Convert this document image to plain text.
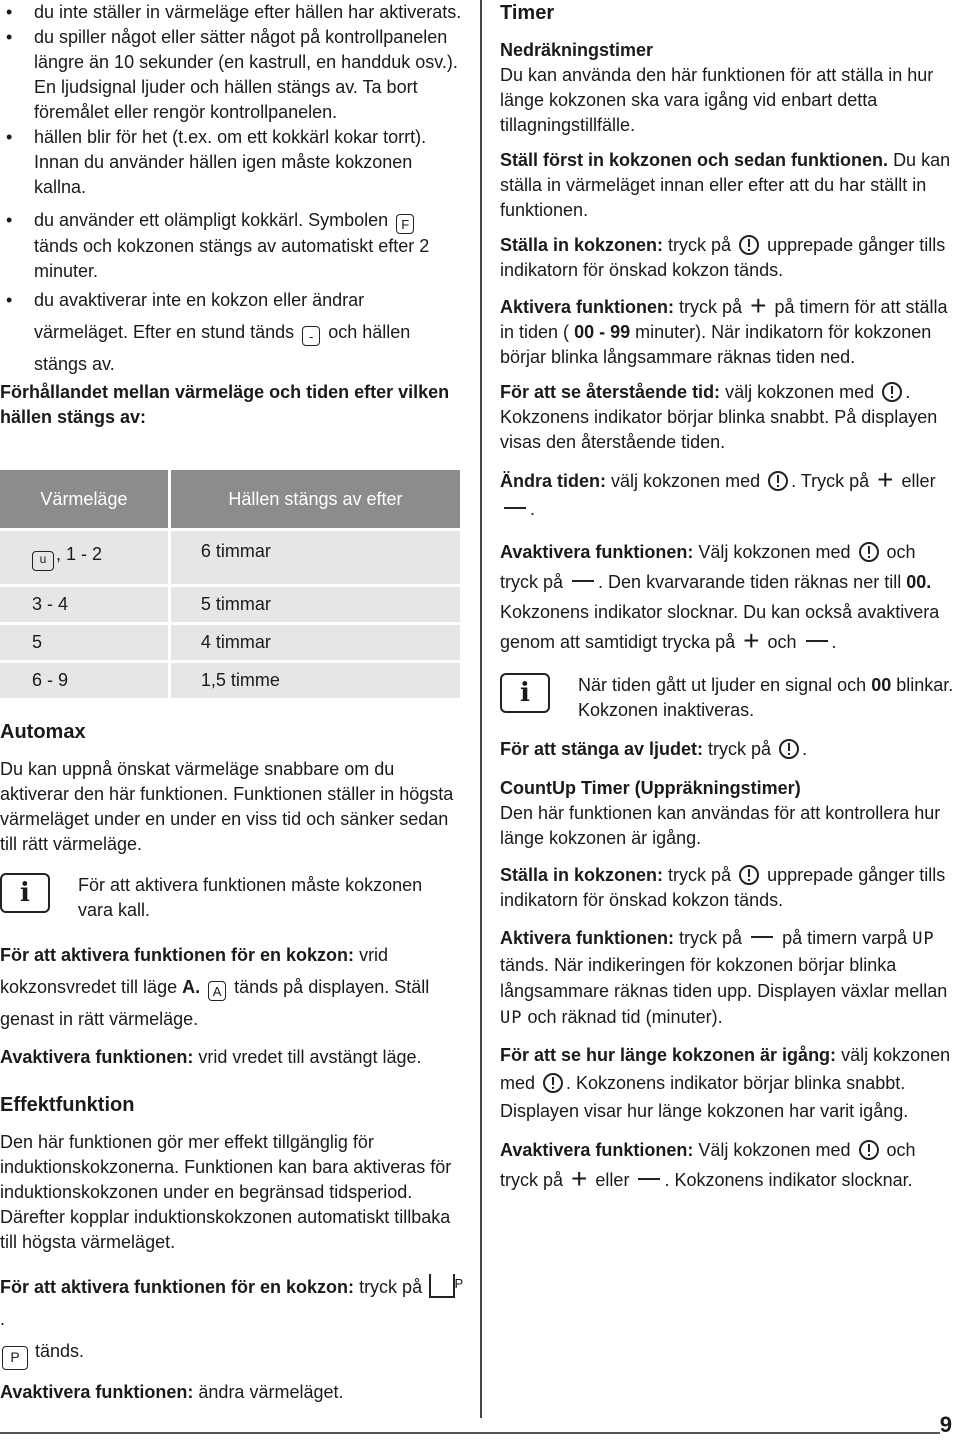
9
• du inte ställer in värmeläge efter hällen har aktiverats.
• du spiller något eller sätter något på kontrollpanelen längre än 10 sekunder (en kastrull, en handduk osv.). En ljudsignal ljuder och hällen stängs av. Ta bort föremålet eller rengör kontrollpanelen.
• hällen blir för het (t.ex. om ett kokkärl kokar torrt). Innan du använder hällen igen måste kokzonen kallna.
• du använder ett olämpligt kokkärl. Symbolen F tänds och kokzonen stängs av automatiskt efter 2 minuter.
• du avaktiverar inte en kokzon eller ändrar värmeläget. Efter en stund tänds - och hällen stängs av.

Förhållandet mellan värmeläge och tiden efter vilken hällen stängs av:

Värmeläge	Hällen stängs av efter
u , 1 - 2	6 timmar
3 - 4	5 timmar
5	4 timmar
6 - 9	1,5 timme
Automax

Du kan uppnå önskat värmeläge snabbare om du aktiverar den här funktionen. Funktionen ställer in högsta värmeläget under en under en viss tid och sänker sedan till rätt värmeläge.

i	För att aktivera funktionen måste kokzonen vara kall.

För att aktivera funktionen för en kokzon: vrid kokzonsvredet till läge A. A tänds på displayen. Ställ genast in rätt värmeläge.

Avaktivera funktionen: vrid vredet till avstängt läge.

Effektfunktion

Den här funktionen gör mer effekt tillgänglig för induktionskokzonerna. Funktionen kan bara aktiveras för induktionskokzonen under en begränsad tidsperiod. Därefter kopplar induktionskokzonen automatiskt tillbaka till högsta värmeläget.

För att aktivera funktionen för en kokzon: tryck på P.
P tänds.

Avaktivera funktionen: ändra värmeläget.

Timer

Nedräkningstimer

Du kan använda den här funktionen för att ställa in hur länge kokzonen ska vara igång vid enbart detta tillagningstillfälle.

Ställ först in kokzonen och sedan funktionen. Du kan ställa in värmeläget innan eller efter att du har ställt in funktionen.

Ställa in kokzonen: tryck på upprepade gånger tills indikatorn för önskad kokzon tänds.

Aktivera funktionen: tryck på + på timern för att ställa in tiden ( 00 - 99 minuter). När indikatorn för kokzonen börjar blinka långsammare räknas tiden ned.

För att se återstående tid: välj kokzonen med . Kokzonens indikator börjar blinka snabbt. På displayen visas den återstående tiden.

Ändra tiden: välj kokzonen med . Tryck på + eller
.

Avaktivera funktionen: Välj kokzonen med och tryck på . Den kvarvarande tiden räknas ner till 00. Kokzonens indikator slocknar. Du kan också avaktivera genom att samtidigt trycka på + och .

i	När tiden gått ut ljuder en signal och 00 blinkar. Kokzonen inaktiveras.

För att stänga av ljudet: tryck på .

CountUp Timer (Uppräkningstimer)

Den här funktionen kan användas för att kontrollera hur länge kokzonen är igång.

Ställa in kokzonen: tryck på upprepade gånger tills indikatorn för önskad kokzon tänds.

Aktivera funktionen: tryck på på timern varpå UP tänds. När indikeringen för kokzonen börjar blinka långsammare räknas tiden upp. Displayen växlar mellan UP och räknad tid (minuter).

För att se hur länge kokzonen är igång: välj kokzonen med . Kokzonens indikator börjar blinka snabbt. Displayen visar hur länge kokzonen har varit igång.

Avaktivera funktionen: Välj kokzonen med och tryck på + eller . Kokzonens indikator slocknar.
